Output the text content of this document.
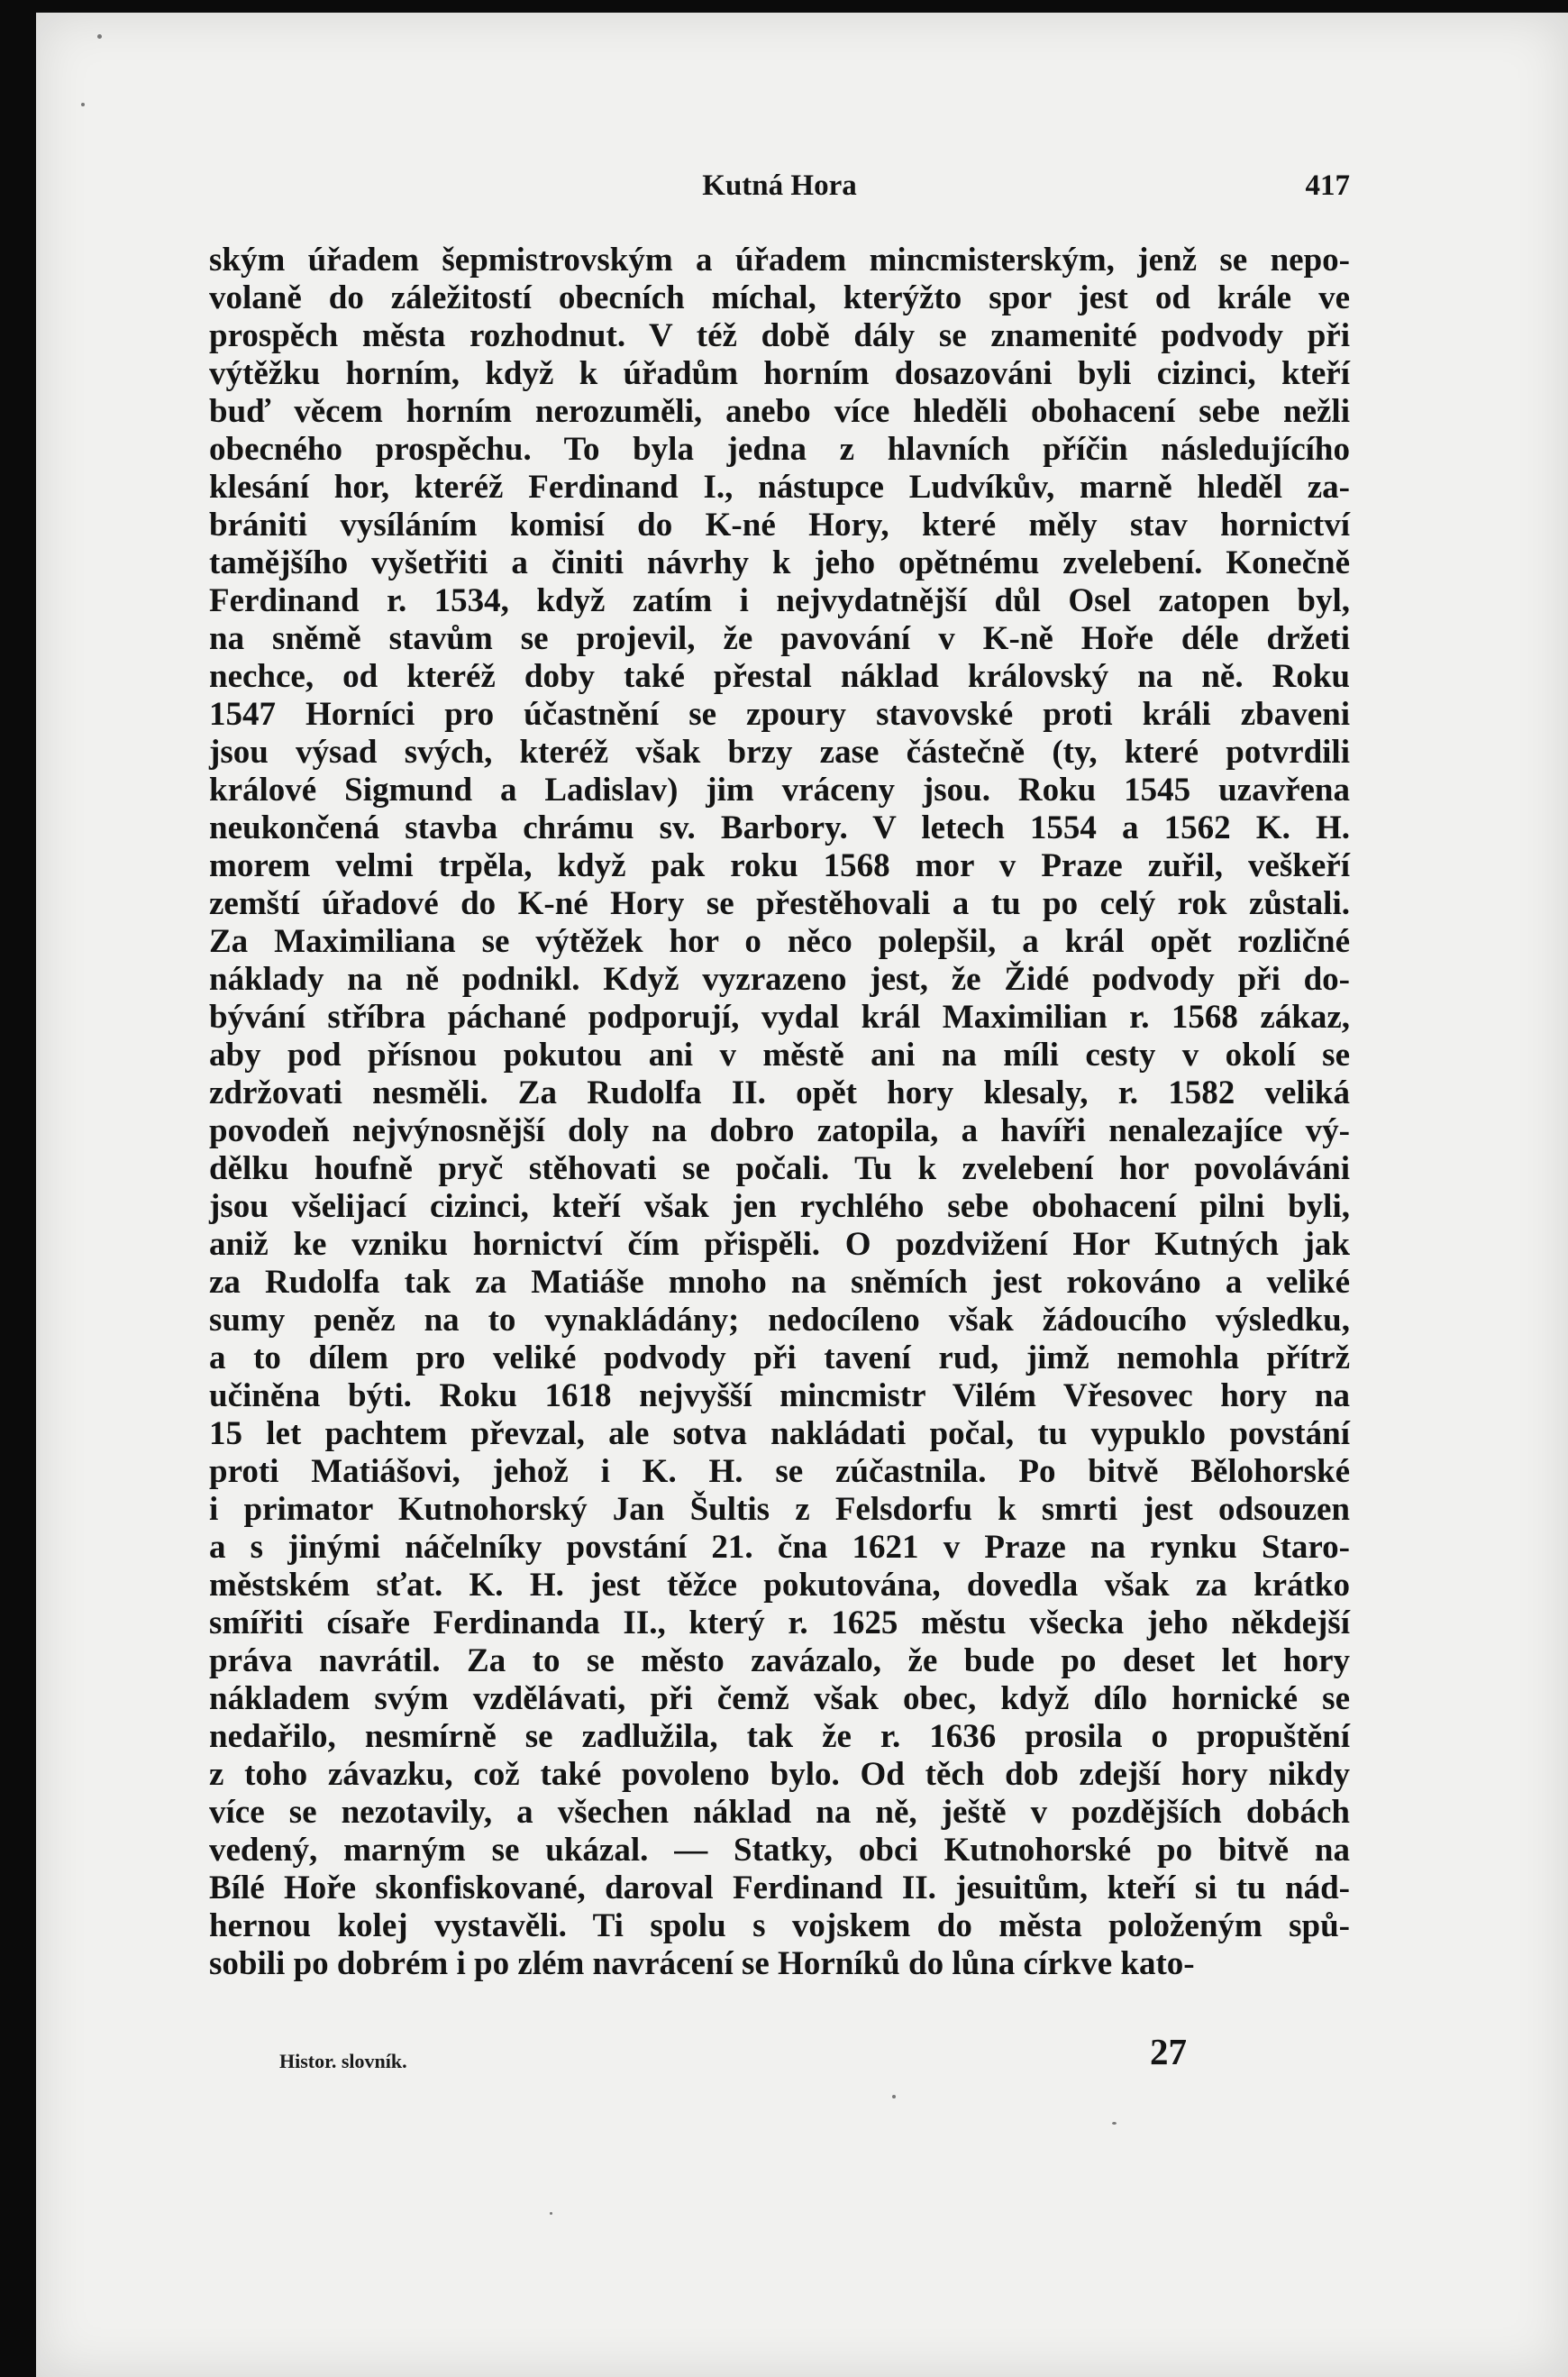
Kutná Hora	417
ským úřadem šepmistrovským a úřadem mincmisterským, jenž se nepo-
volaně do záležitostí obecních míchal, kterýžto spor jest od krále ve
prospěch města rozhodnut. V též době dály se znamenité podvody při
výtěžku horním, když k úřadům horním dosazováni byli cizinci, kteří
buď věcem horním nerozuměli, anebo více hleděli obohacení sebe nežli
obecného prospěchu. To byla jedna z hlavních příčin následujícího
klesání hor, kteréž Ferdinand I., nástupce Ludvíkův, marně hleděl za-
brániti vysíláním komisí do K-né Hory, které měly stav hornictví
tamějšího vyšetřiti a činiti návrhy k jeho opětnému zvelebení. Konečně
Ferdinand r. 1534, když zatím i nejvydatnější důl Osel zatopen byl,
na sněmě stavům se projevil, že pavování v K-ně Hoře déle držeti
nechce, od kteréž doby také přestal náklad královský na ně. Roku
1547 Horníci pro účastnění se zpoury stavovské proti králi zbaveni
jsou výsad svých, kteréž však brzy zase částečně (ty, které potvrdili
králové Sigmund a Ladislav) jim vráceny jsou. Roku 1545 uzavřena
neukončená stavba chrámu sv. Barbory. V letech 1554 a 1562 K. H.
morem velmi trpěla, když pak roku 1568 mor v Praze zuřil, veškeří
zemští úřadové do K-né Hory se přestěhovali a tu po celý rok zůstali.
Za Maximiliana se výtěžek hor o něco polepšil, a král opět rozličné
náklady na ně podnikl. Když vyzrazeno jest, že Židé podvody při do-
bývání stříbra páchané podporují, vydal král Maximilian r. 1568 zákaz,
aby pod přísnou pokutou ani v městě ani na míli cesty v okolí se
zdržovati nesměli. Za Rudolfa II. opět hory klesaly, r. 1582 veliká
povodeň nejvýnosnější doly na dobro zatopila, a havíři nenalezajíce vý-
dělku houfně pryč stěhovati se počali. Tu k zvelebení hor povoláváni
jsou všelijací cizinci, kteří však jen rychlého sebe obohacení pilni byli,
aniž ke vzniku hornictví čím přispěli. O pozdvižení Hor Kutných jak
za Rudolfa tak za Matiáše mnoho na sněmích jest rokováno a veliké
sumy peněz na to vynakládány; nedocíleno však žádoucího výsledku,
a to dílem pro veliké podvody při tavení rud, jimž nemohla přítrž
učiněna býti. Roku 1618 nejvyšší mincmistr Vilém Vřesovec hory na
15 let pachtem převzal, ale sotva nakládati počal, tu vypuklo povstání
proti Matiášovi, jehož i K. H. se zúčastnila. Po bitvě Bělohorské
i primator Kutnohorský Jan Šultis z Felsdorfu k smrti jest odsouzen
a s jinými náčelníky povstání 21. čna 1621 v Praze na rynku Staro-
městském sťat. K. H. jest těžce pokutována, dovedla však za krátko
smířiti císaře Ferdinanda II., který r. 1625 městu všecka jeho někdejší
práva navrátil. Za to se město zavázalo, že bude po deset let hory
nákladem svým vzdělávati, při čemž však obec, když dílo hornické se
nedařilo, nesmírně se zadlužila, tak že r. 1636 prosila o propuštění
z toho závazku, což také povoleno bylo. Od těch dob zdejší hory nikdy
více se nezotavily, a všechen náklad na ně, ještě v pozdějších dobách
vedený, marným se ukázal. — Statky, obci Kutnohorské po bitvě na
Bílé Hoře skonfiskované, daroval Ferdinand II. jesuitům, kteří si tu nád-
hernou kolej vystavěli. Ti spolu s vojskem do města položeným spů-
sobili po dobrém i po zlém navrácení se Horníků do lůna církve kato-
Histor. slovník.	27
